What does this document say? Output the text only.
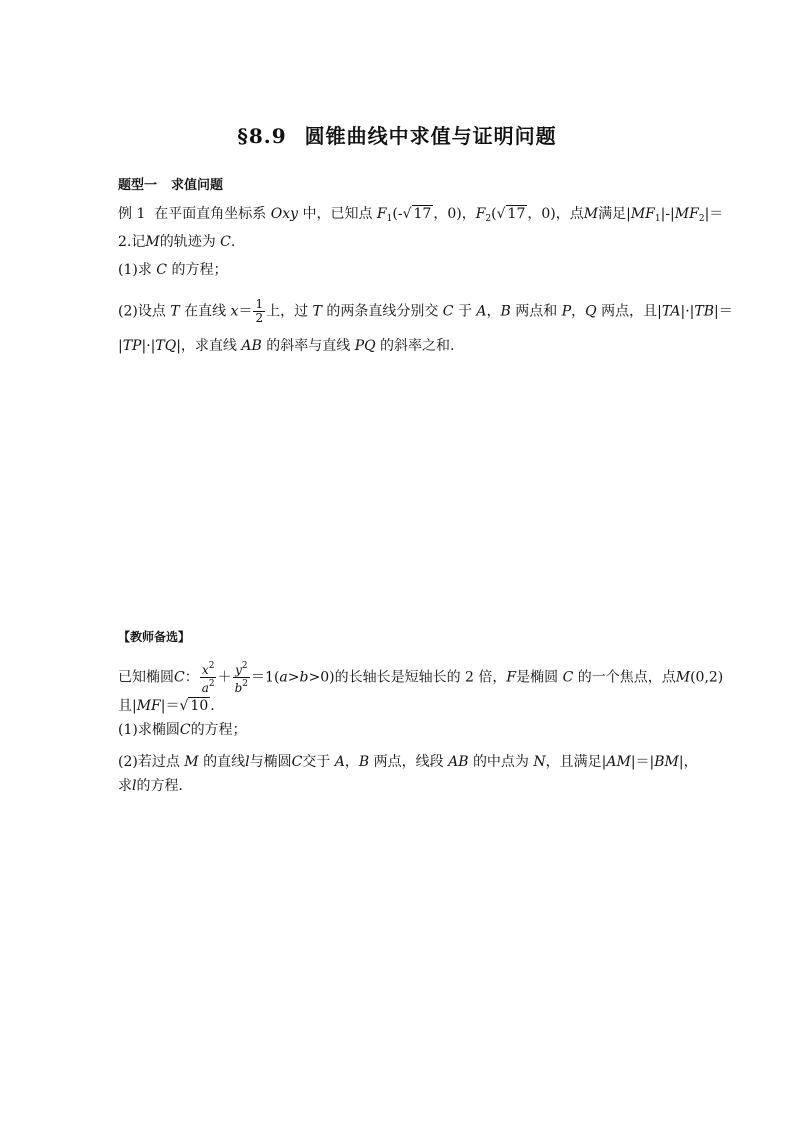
§8.9 圆锥曲线中求值与证明问题
题型一 求值问题
例 1 在平面直角坐标系 Oxy 中，已知点 $F_1(-√$ 17 ，0)，$F_2(√$ 17 ，0)，点M满足$|MF_1|-|MF_2|=$
2.记M的轨迹为 C.
(1)求 C 的方程；
(2)设点 T 在直线 $x= \frac{1}{2}$ 上，过 T 的两条直线分别交 C 于 A，B 两点和 P，Q 两点，且|TA|·|TB|＝
|TP|·|TQ|，求直线 AB 的斜率与直线 PQ 的斜率之和.
【教师备选】
已知椭圆C： $\frac{x^2}{a^2} + \frac{y^2}{b^2} =1(a>b>0)$的长轴长是短轴长的 2 倍，F是椭圆 C 的一个焦点，点M(0,2)
且|MF|＝√ 10 .
(1)求椭圆C的方程；
(2)若过点 M 的直线l与椭圆C交于 A，B 两点，线段 AB 的中点为 N，且满足|AM|＝|BM|，
求l的方程．
